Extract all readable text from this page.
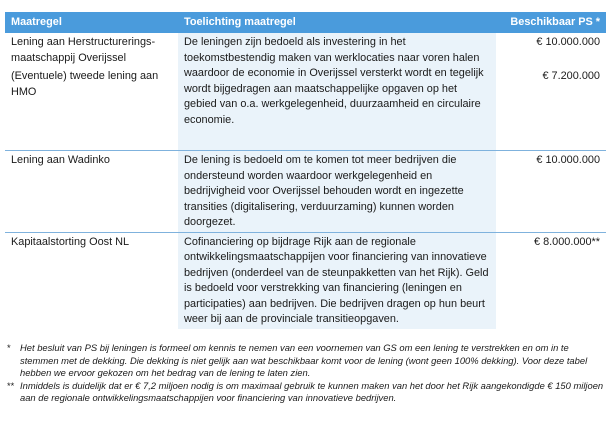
Maatregel	Toelichting maatregel	Beschikbaar PS *
Lening aan Herstructurerings-maatschappij Overijssel	De leningen zijn bedoeld als investering in het toekomstbestendig maken van werklocaties naar voren halen waardoor de economie in Overijssel versterkt wordt en tegelijk wordt bijgedragen aan maatschappelijke opgaven op het gebied van o.a. werkgelegenheid, duurzaamheid en circulaire economie.	€ 10.000.000
(Eventuele) tweede lening aan HMO		€ 7.200.000
Lening aan Wadinko	De lening is bedoeld om te komen tot meer bedrijven die ondersteund worden waardoor werkgelegenheid en bedrijvigheid voor Overijssel behouden wordt en ingezette transities (digitalisering, verduurzaming) kunnen worden doorgezet.	€ 10.000.000
Kapitaalstorting Oost NL	Cofinanciering op bijdrage Rijk aan de regionale ontwikkelingsmaatschappijen voor financiering van innovatieve bedrijven (onderdeel van de steunpakketten van het Rijk). Geld is bedoeld voor verstrekking van financiering (leningen en participaties) aan bedrijven. Die bedrijven dragen op hun beurt weer bij aan de provinciale transitieopgaven.	€ 8.000.000**

* Het besluit van PS bij leningen is formeel om kennis te nemen van een voornemen van GS om een lening te verstrekken en om in te stemmen met de dekking. Die dekking is niet gelijk aan wat beschikbaar komt voor de lening (wont geen 100% dekking). Voor deze tabel hebben we ervoor gekozen om het bedrag van de lening te laten zien.

** Inmiddels is duidelijk dat er € 7,2 miljoen nodig is om maximaal gebruik te kunnen maken van het door het Rijk aangekondigde € 150 miljoen aan de regionale ontwikkelingsmaatschappijen voor financiering van innovatieve bedrijven.
